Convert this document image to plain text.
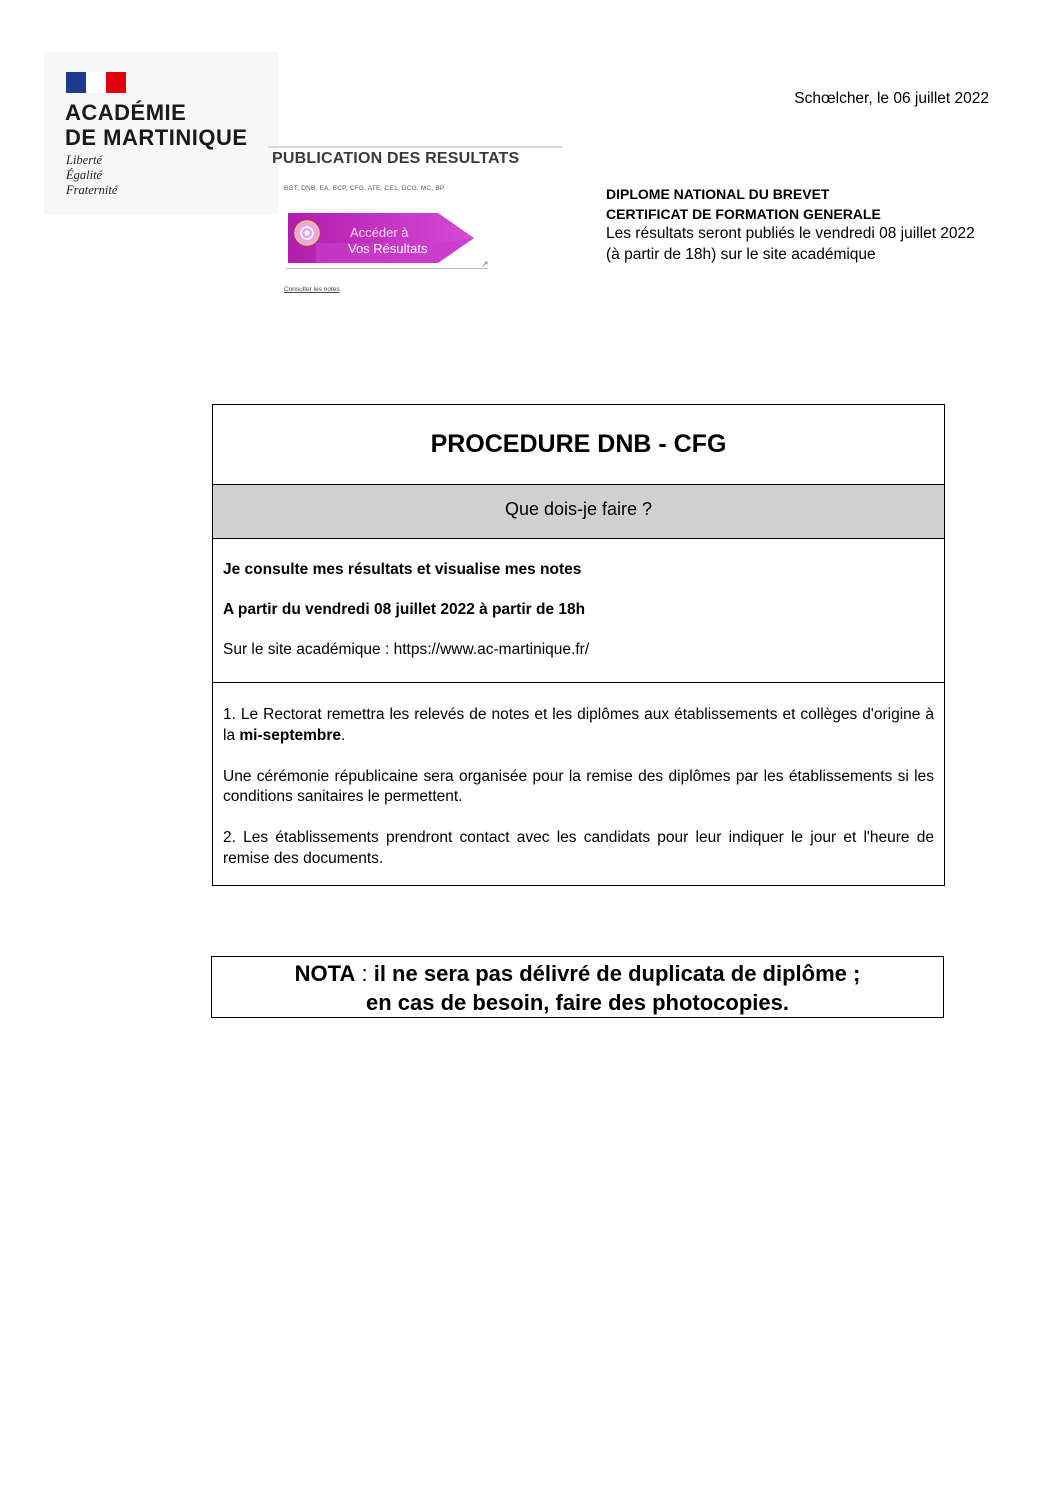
ACADÉMIE
DE MARTINIQUE
Liberté
Égalité
Fraternité
PUBLICATION DES RESULTATS
BGT, DNB, EA, BCP, CFG, ATE, CE1, DCG, MC, BP
Accéder à
Vos Résultats
↗
Consulter les notes
Schœlcher, le 06 juillet 2022
DIPLOME NATIONAL DU BREVET
CERTIFICAT DE FORMATION GENERALE
Les résultats seront publiés le vendredi 08 juillet 2022 (à partir de 18h) sur le site académique
PROCEDURE DNB - CFG
Que dois-je faire ?

Je consulte mes résultats et visualise mes notes

A partir du vendredi 08 juillet 2022 à partir de 18h

Sur le site académique : https://www.ac-martinique.fr/

1. Le Rectorat remettra les relevés de notes et les diplômes aux établissements et collèges d'origine à la mi-septembre.

Une cérémonie républicaine sera organisée pour la remise des diplômes par les établissements si les conditions sanitaires le permettent.

2. Les établissements prendront contact avec les candidats pour leur indiquer le jour et l'heure de remise des documents.

NOTA : il ne sera pas délivré de duplicata de diplôme ;
en cas de besoin, faire des photocopies.
